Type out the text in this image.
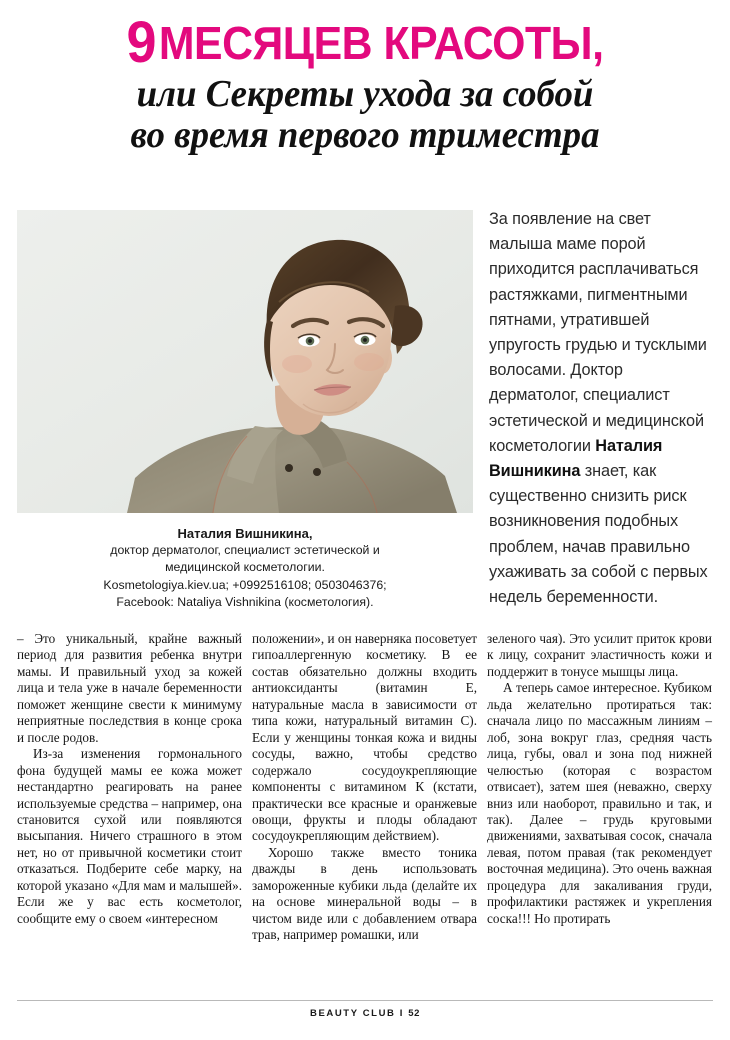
9МЕСЯЦЕВ КРАСОТЫ,
или Секреты ухода за собой
во время первого триместра
Наталия Вишникина,
доктор дерматолог, специалист эстетической и
медицинской косметологии.
Kosmetologiya.kiev.ua; +0992516108; 0503046376;
Facebook: Nataliya Vishnikina (косметология).
За появление на свет малыша маме порой приходится расплачиваться растяжками, пигментными пятнами, утратившей упругость грудью и тусклыми волосами. Доктор дерматолог, специалист эстетической и медицинской косметологии Наталия Вишникина знает, как существенно снизить риск возникновения подобных проблем, начав правильно ухаживать за собой с первых недель беременности.

– Это уникальный, крайне важный период для развития ребенка внутри мамы. И правильный уход за кожей лица и тела уже в начале беременности поможет женщине свести к минимуму неприятные последствия в конце срока и после родов.

Из-за изменения гормонального фона будущей мамы ее кожа может нестандартно реагировать на ранее используемые средства – например, она становится сухой или появляются высыпания. Ничего страшного в этом нет, но от привычной косметики стоит отказаться. Подберите себе марку, на которой указано «Для мам и малышей». Если же у вас есть косметолог, сообщите ему о своем «интересном

положении», и он наверняка посоветует гипоаллергенную косметику. В ее состав обязательно должны входить антиоксиданты (витамин Е, натуральные масла в зависимости от типа кожи, натуральный витамин С). Если у женщины тонкая кожа и видны сосуды, важно, чтобы средство содержало сосудоукрепляющие компоненты с витамином К (кстати, практически все красные и оранжевые овощи, фрукты и плоды обладают сосудоукрепляющим действием).

Хорошо также вместо тоника дважды в день использовать замороженные кубики льда (делайте их на основе минеральной воды – в чистом виде или с добавлением отвара трав, например ромашки, или

зеленого чая). Это усилит приток крови к лицу, сохранит эластичность кожи и поддержит в тонусе мышцы лица.

А теперь самое интересное. Кубиком льда желательно протираться так: сначала лицо по массажным линиям – лоб, зона вокруг глаз, средняя часть лица, губы, овал и зона под нижней челюстью (которая с возрастом отвисает), затем шея (неважно, сверху вниз или наоборот, правильно и так, и так). Далее – грудь круговыми движениями, захватывая сосок, сначала левая, потом правая (так рекомендует восточная медицина). Это очень важная процедура для закаливания груди, профилактики растяжек и укрепления соска!!! Но протирать

BEAUTY CLUB I 52
